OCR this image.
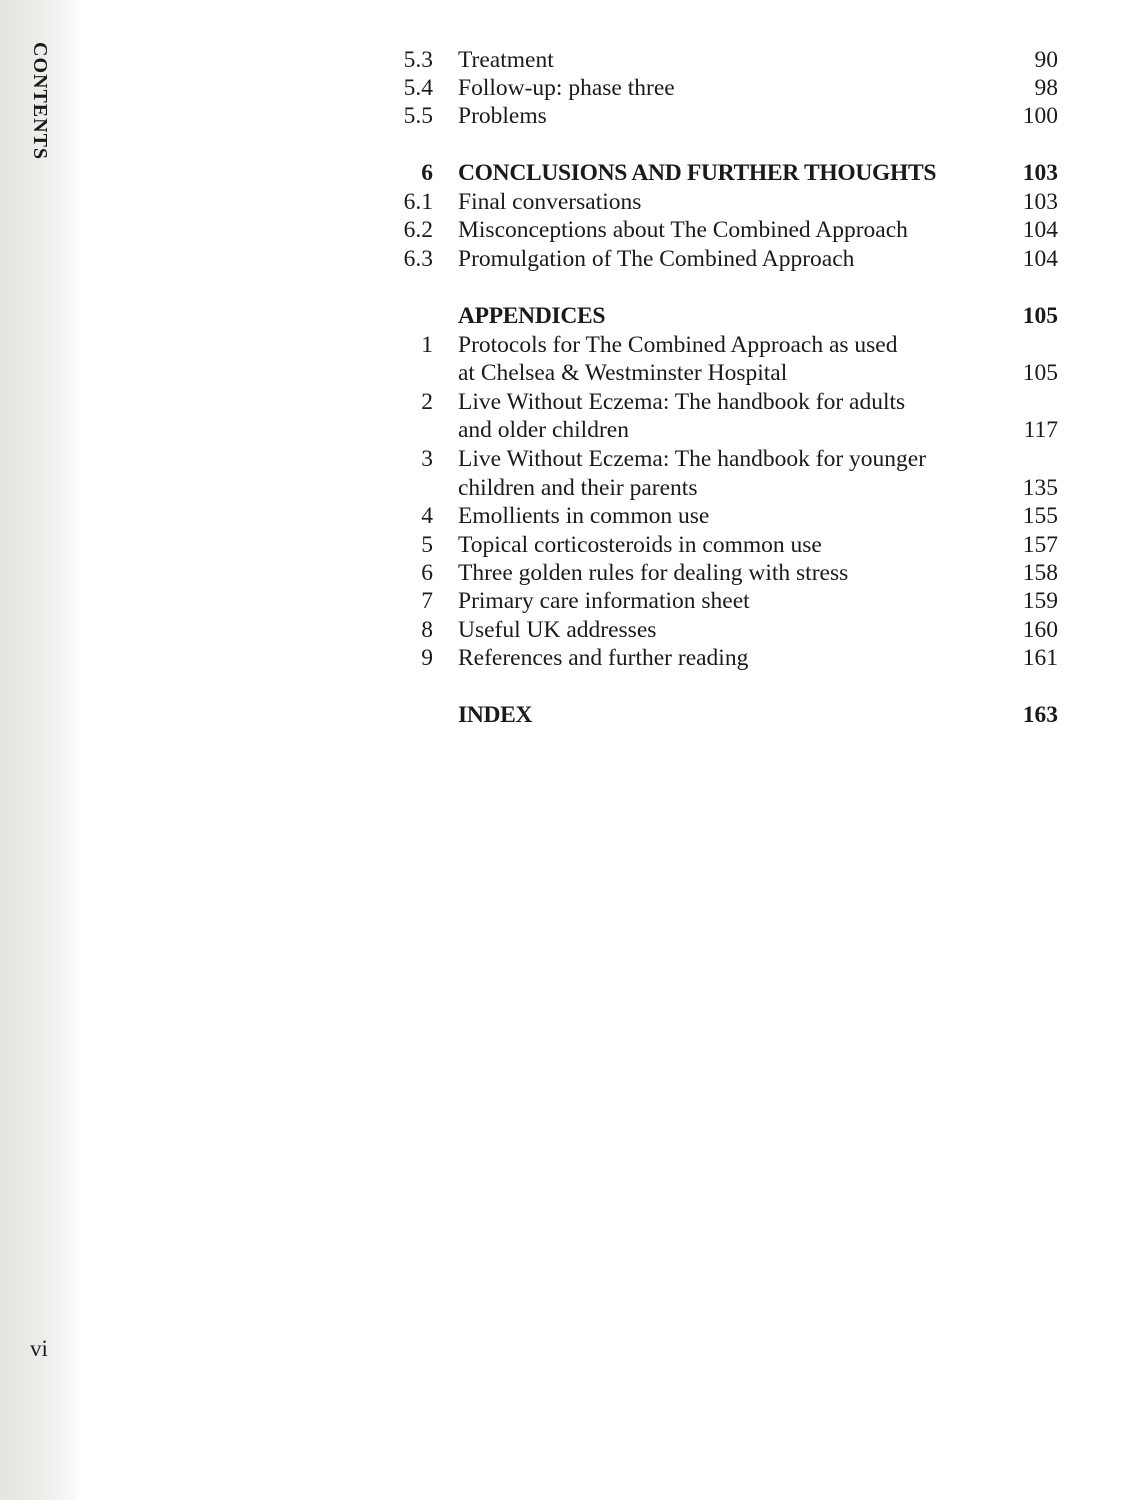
CONTENTS
vi
5.3 Treatment	90
5.4 Follow-up: phase three	98
5.5 Problems	100
6 CONCLUSIONS AND FURTHER THOUGHTS	103
6.1 Final conversations	103
6.2 Misconceptions about The Combined Approach	104
6.3 Promulgation of The Combined Approach	104
APPENDICES	105
1 Protocols for The Combined Approach as used
at Chelsea & Westminster Hospital	105
2 Live Without Eczema: The handbook for adults
and older children	117
3 Live Without Eczema: The handbook for younger
children and their parents	135
4 Emollients in common use	155
5 Topical corticosteroids in common use	157
6 Three golden rules for dealing with stress	158
7 Primary care information sheet	159
8 Useful UK addresses	160
9 References and further reading	161
INDEX	163
